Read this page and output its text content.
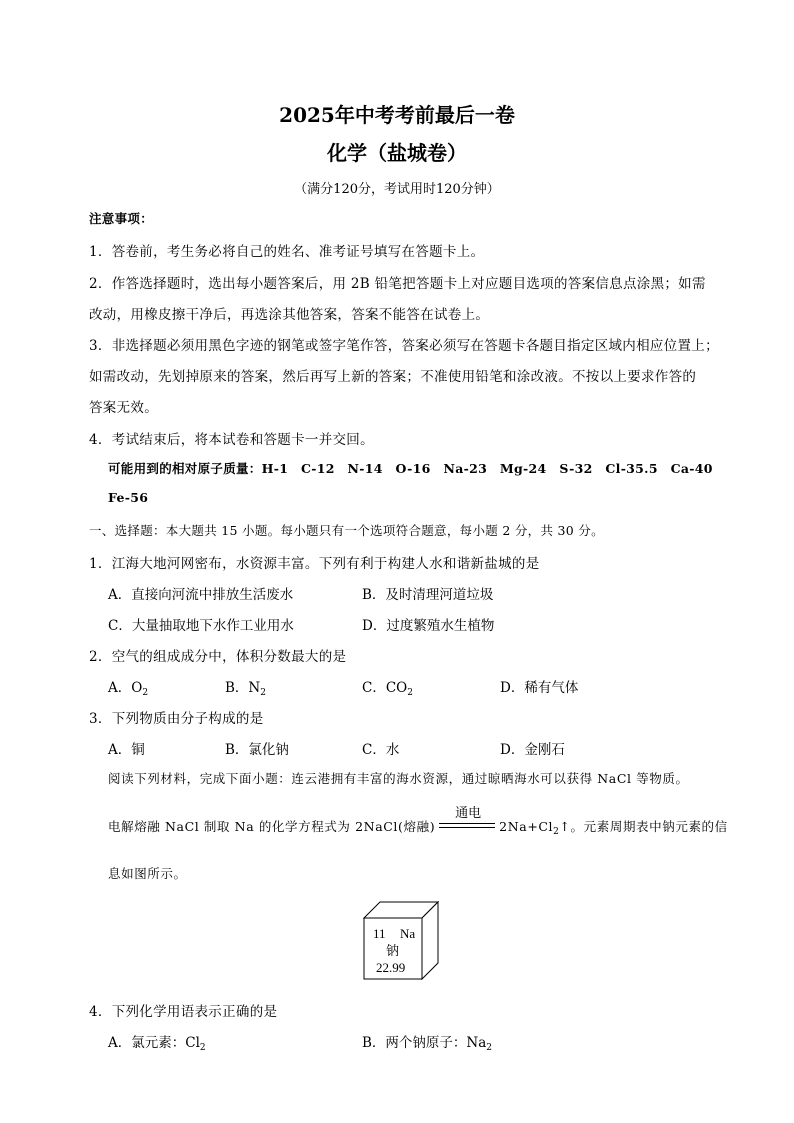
2025年中考考前最后一卷
化学（盐城卷）
（满分120分，考试用时120分钟）
注意事项：
1．答卷前，考生务必将自己的姓名、准考证号填写在答题卡上。
2．作答选择题时，选出每小题答案后，用 2B 铅笔把答题卡上对应题目选项的答案信息点涂黑；如需
改动，用橡皮擦干净后，再选涂其他答案，答案不能答在试卷上。
3．非选择题必须用黑色字迹的钢笔或签字笔作答，答案必须写在答题卡各题目指定区域内相应位置上；
如需改动，先划掉原来的答案，然后再写上新的答案；不准使用铅笔和涂改液。不按以上要求作答的
答案无效。
4．考试结束后，将本试卷和答题卡一并交回。
可能用到的相对原子质量：H-1　C-12　N-14　O-16　Na-23　Mg-24　S-32　Cl-35.5　Ca-40
Fe-56
一、选择题：本大题共 15 小题。每小题只有一个选项符合题意，每小题 2 分，共 30 分。
1．江海大地河网密布，水资源丰富。下列有利于构建人水和谐新盐城的是
A．直接向河流中排放生活废水	B．及时清理河道垃圾
C．大量抽取地下水作工业用水	D．过度繁殖水生植物
2．空气的组成成分中，体积分数最大的是
A．$O_2$	B．$N_2$	C．$CO_2$	D．稀有气体
3．下列物质由分子构成的是
A．铜	B．氯化钠	C．水	D．金刚石
阅读下列材料，完成下面小题：连云港拥有丰富的海水资源，通过晾晒海水可以获得 NaCl 等物质。
电解熔融 NaCl 制取 Na 的化学方程式为 2NaCl(熔融)
通电
$2Na+Cl_2↑$。元素周期表中钠元素的信
息如图所示。
11 Na
钠
22.99
4．下列化学用语表示正确的是
A．氯元素：$Cl_2$	B．两个钠原子：$Na_2$
